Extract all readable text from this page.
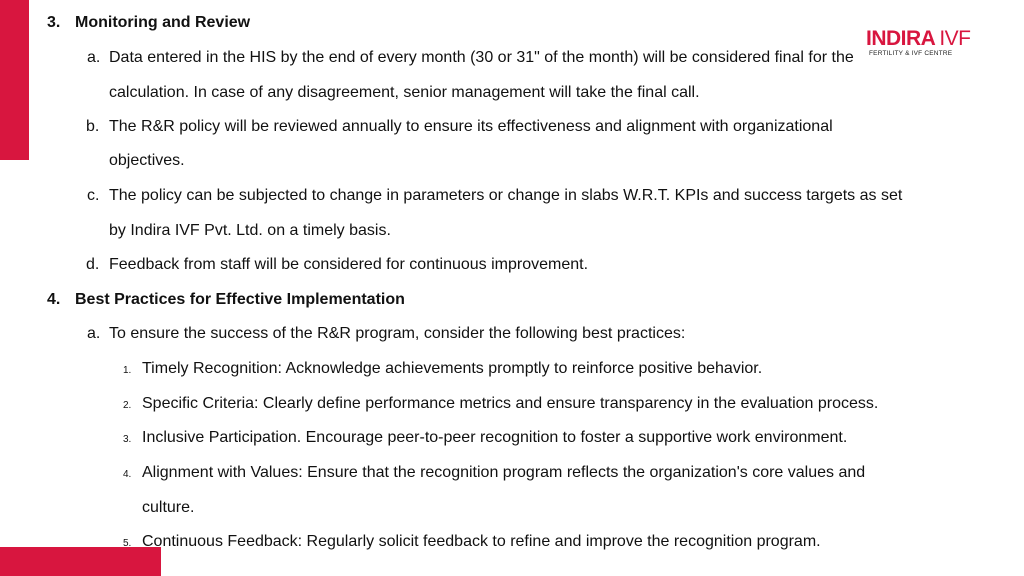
INDIRA IVF
FERTILITY & IVF CENTRE
3. Monitoring and Review
a. Data entered in the HIS by the end of every month (30 or 31" of the month) will be considered final for the
calculation. In case of any disagreement, senior management will take the final call.
b. The R&R policy will be reviewed annually to ensure its effectiveness and alignment with organizational
objectives.
c. The policy can be subjected to change in parameters or change in slabs W.R.T. KPIs and success targets as set
by Indira IVF Pvt. Ltd. on a timely basis.
d. Feedback from staff will be considered for continuous improvement.
4. Best Practices for Effective Implementation
a. To ensure the success of the R&R program, consider the following best practices:
1. Timely Recognition: Acknowledge achievements promptly to reinforce positive behavior.
2. Specific Criteria: Clearly define performance metrics and ensure transparency in the evaluation process.
3. Inclusive Participation. Encourage peer-to-peer recognition to foster a supportive work environment.
4. Alignment with Values: Ensure that the recognition program reflects the organization's core values and
culture.
5. Continuous Feedback: Regularly solicit feedback to refine and improve the recognition program.
